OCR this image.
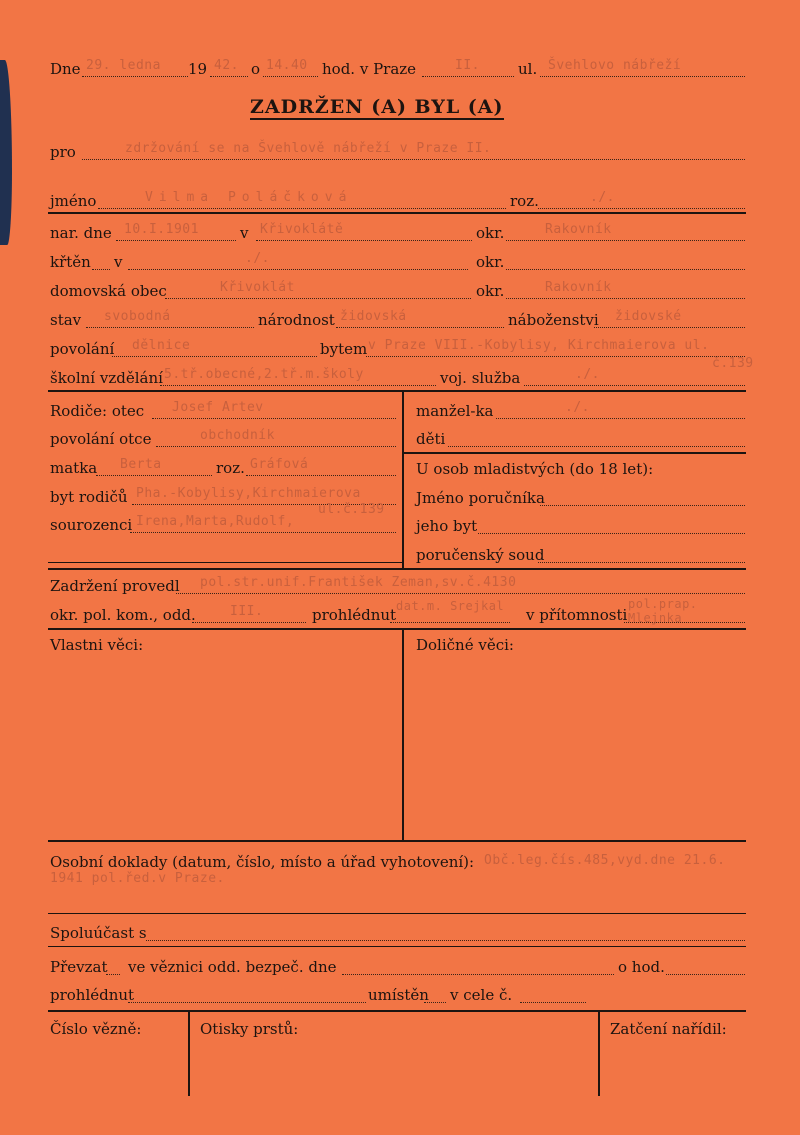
Dne 29. ledna 19 42. o 14.40 hod. v Praze	II.	ul. Švehlovo nábřeží
ZADRŽEN (A) BYL (A)
pro	zdržování se na Švehlově nábřeží v Praze II.
jméno	Vilma Poláčková	roz.	./.
nar. dne 10.I.1901	v Křivoklátě	okr.	Rakovník
křtěn v	./.	okr.
domovská obec	Křivoklát	okr.	Rakovník
stav svobodná	národnost židovská	náboženstvi židovské
povolání dělnice	bytem v Praze VIII.-Kobylisy, Kirchmaierova ul.
č.139
školní vzdělání 5.tř.obecné,2.tř.m.školy	voj. služba	./.
Rodiče: otec Josef Artev	manžel-ka	./.
povolání otce	obchodník	děti
matka Berta	roz. Gráfová	U osob mladistvých (do 18 let):
byt rodičů Pha.-Kobylisy,Kirchmaierova
ul.č.139
Jméno poručníka
sourozenci Irena,Marta,Rudolf,	jeho byt
poručenský soud
Zadržení provedl pol.str.unif.František Zeman,sv.č.4130
okr. pol. kom., odd.	III.	prohlédnut dat.m. Srejkal v přítomnosti
pol.prap. Mlejnka
Vlastni věci:	Doličné věci:
Osobní doklady (datum, číslo, místo a úřad vyhotovení): Obč.leg.čís.485,vyd.dne 21.6.
1941 pol.řed.v Praze.
Spoluúčast s
Převzat ve věznici odd. bezpeč. dne	o hod.
prohlédnut	umístěn v cele č.
Číslo vězně:	Otisky prstů:	Zatčení nařídil:
